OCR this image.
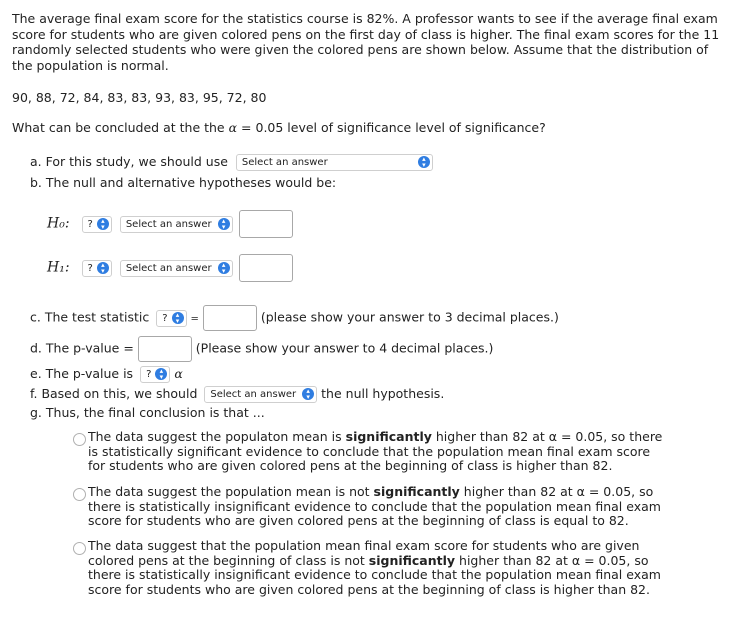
The average final exam score for the statistics course is 82%. A professor wants to see if the average final exam score for students who are given colored pens on the first day of class is higher. The final exam scores for the 11 randomly selected students who were given the colored pens are shown below. Assume that the distribution of the population is normal.
90, 88, 72, 84, 83, 83, 93, 83, 95, 72, 80
What can be concluded at the the α = 0.05 level of significance level of significance?
a. For this study, we should use Select an answer	▴
▾
b. The null and alternative hypotheses would be:
H₀: ?	▴
▾	Select an answer	▴
▾

H₁: ?	▴
▾	Select an answer	▴
▾

c. The test statistic ?	▴
▾	=	(please show your answer to 3 decimal places.)
d. The p-value =	(Please show your answer to 4 decimal places.)
e. The p-value is ?	▴
▾ α
f. Based on this, we should Select an answer	▴
▾ the null hypothesis.
g. Thus, the final conclusion is that ...
The data suggest the populaton mean is significantly higher than 82 at α = 0.05, so there is statistically significant evidence to conclude that the population mean final exam score for students who are given colored pens at the beginning of class is higher than 82.
The data suggest the population mean is not significantly higher than 82 at α = 0.05, so there is statistically insignificant evidence to conclude that the population mean final exam score for students who are given colored pens at the beginning of class is equal to 82.
The data suggest that the population mean final exam score for students who are given colored pens at the beginning of class is not significantly higher than 82 at α = 0.05, so there is statistically insignificant evidence to conclude that the population mean final exam score for students who are given colored pens at the beginning of class is higher than 82.
